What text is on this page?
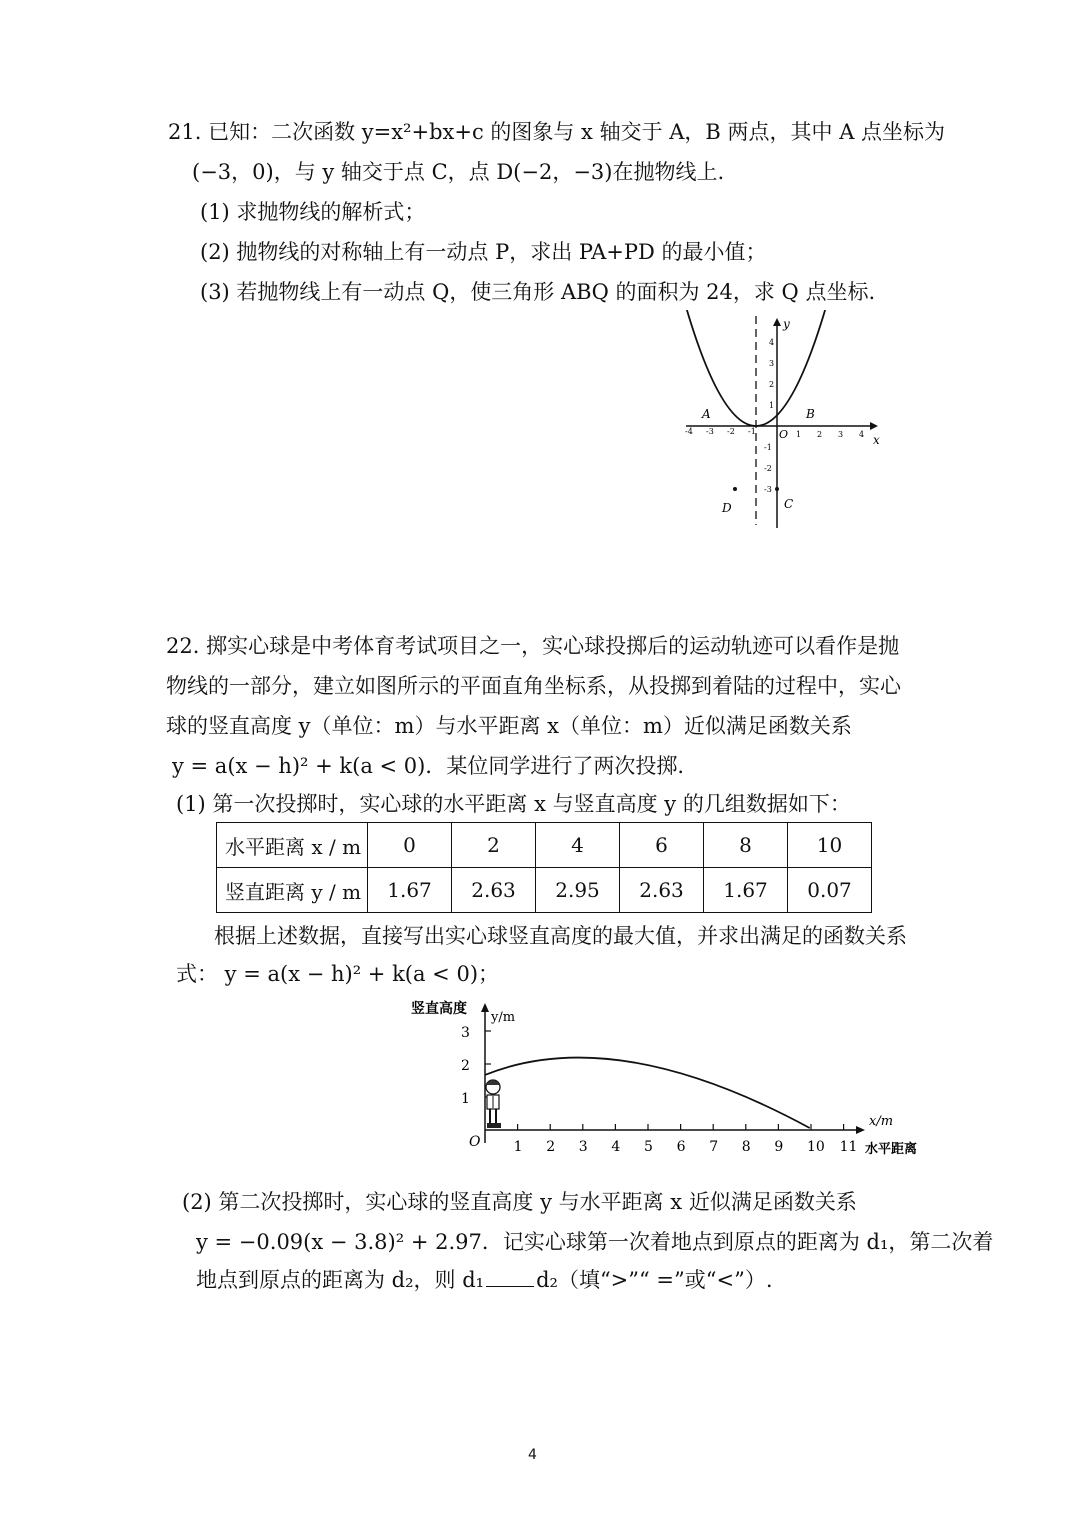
21. 已知：二次函数 y=x²+bx+c 的图象与 x 轴交于 A，B 两点，其中 A 点坐标为
(−3，0)，与 y 轴交于点 C，点 D(−2，−3)在抛物线上.
(1) 求抛物线的解析式；
(2) 抛物线的对称轴上有一动点 P，求出 PA+PD 的最小值；
(3) 若抛物线上有一动点 Q，使三角形 ABQ 的面积为 24，求 Q 点坐标.
x
y
-4 -3 -2 -1	1 2 3 4
4
3
2
1
-1
-2
-3
O
A	B
C
D
22. 掷实心球是中考体育考试项目之一，实心球投掷后的运动轨迹可以看作是抛
物线的一部分，建立如图所示的平面直角坐标系，从投掷到着陆的过程中，实心
球的竖直高度 y（单位：m）与水平距离 x（单位：m）近似满足函数关系
y = a(x − h)² + k(a < 0)．某位同学进行了两次投掷.
(1) 第一次投掷时，实心球的水平距离 x 与竖直高度 y 的几组数据如下：
水平距离 x / m	0	2	4	6	8	10
竖直距离 y / m	1.67	2.63	2.95	2.63	1.67	0.07
根据上述数据，直接写出实心球竖直高度的最大值，并求出满足的函数关系
式： y = a(x − h)² + k(a < 0)；
竖直高度
y/m
x/m
水平距离
O
1
2
3
1 2 3 4 5 6 7 8 9 10 11
(2) 第二次投掷时，实心球的竖直高度 y 与水平距离 x 近似满足函数关系
y = −0.09(x − 3.8)² + 2.97．记实心球第一次着地点到原点的距离为 d₁，第二次着
地点到原点的距离为 d₂，则 d₁ d₂（填“>”“ =”或“<”）.
4
